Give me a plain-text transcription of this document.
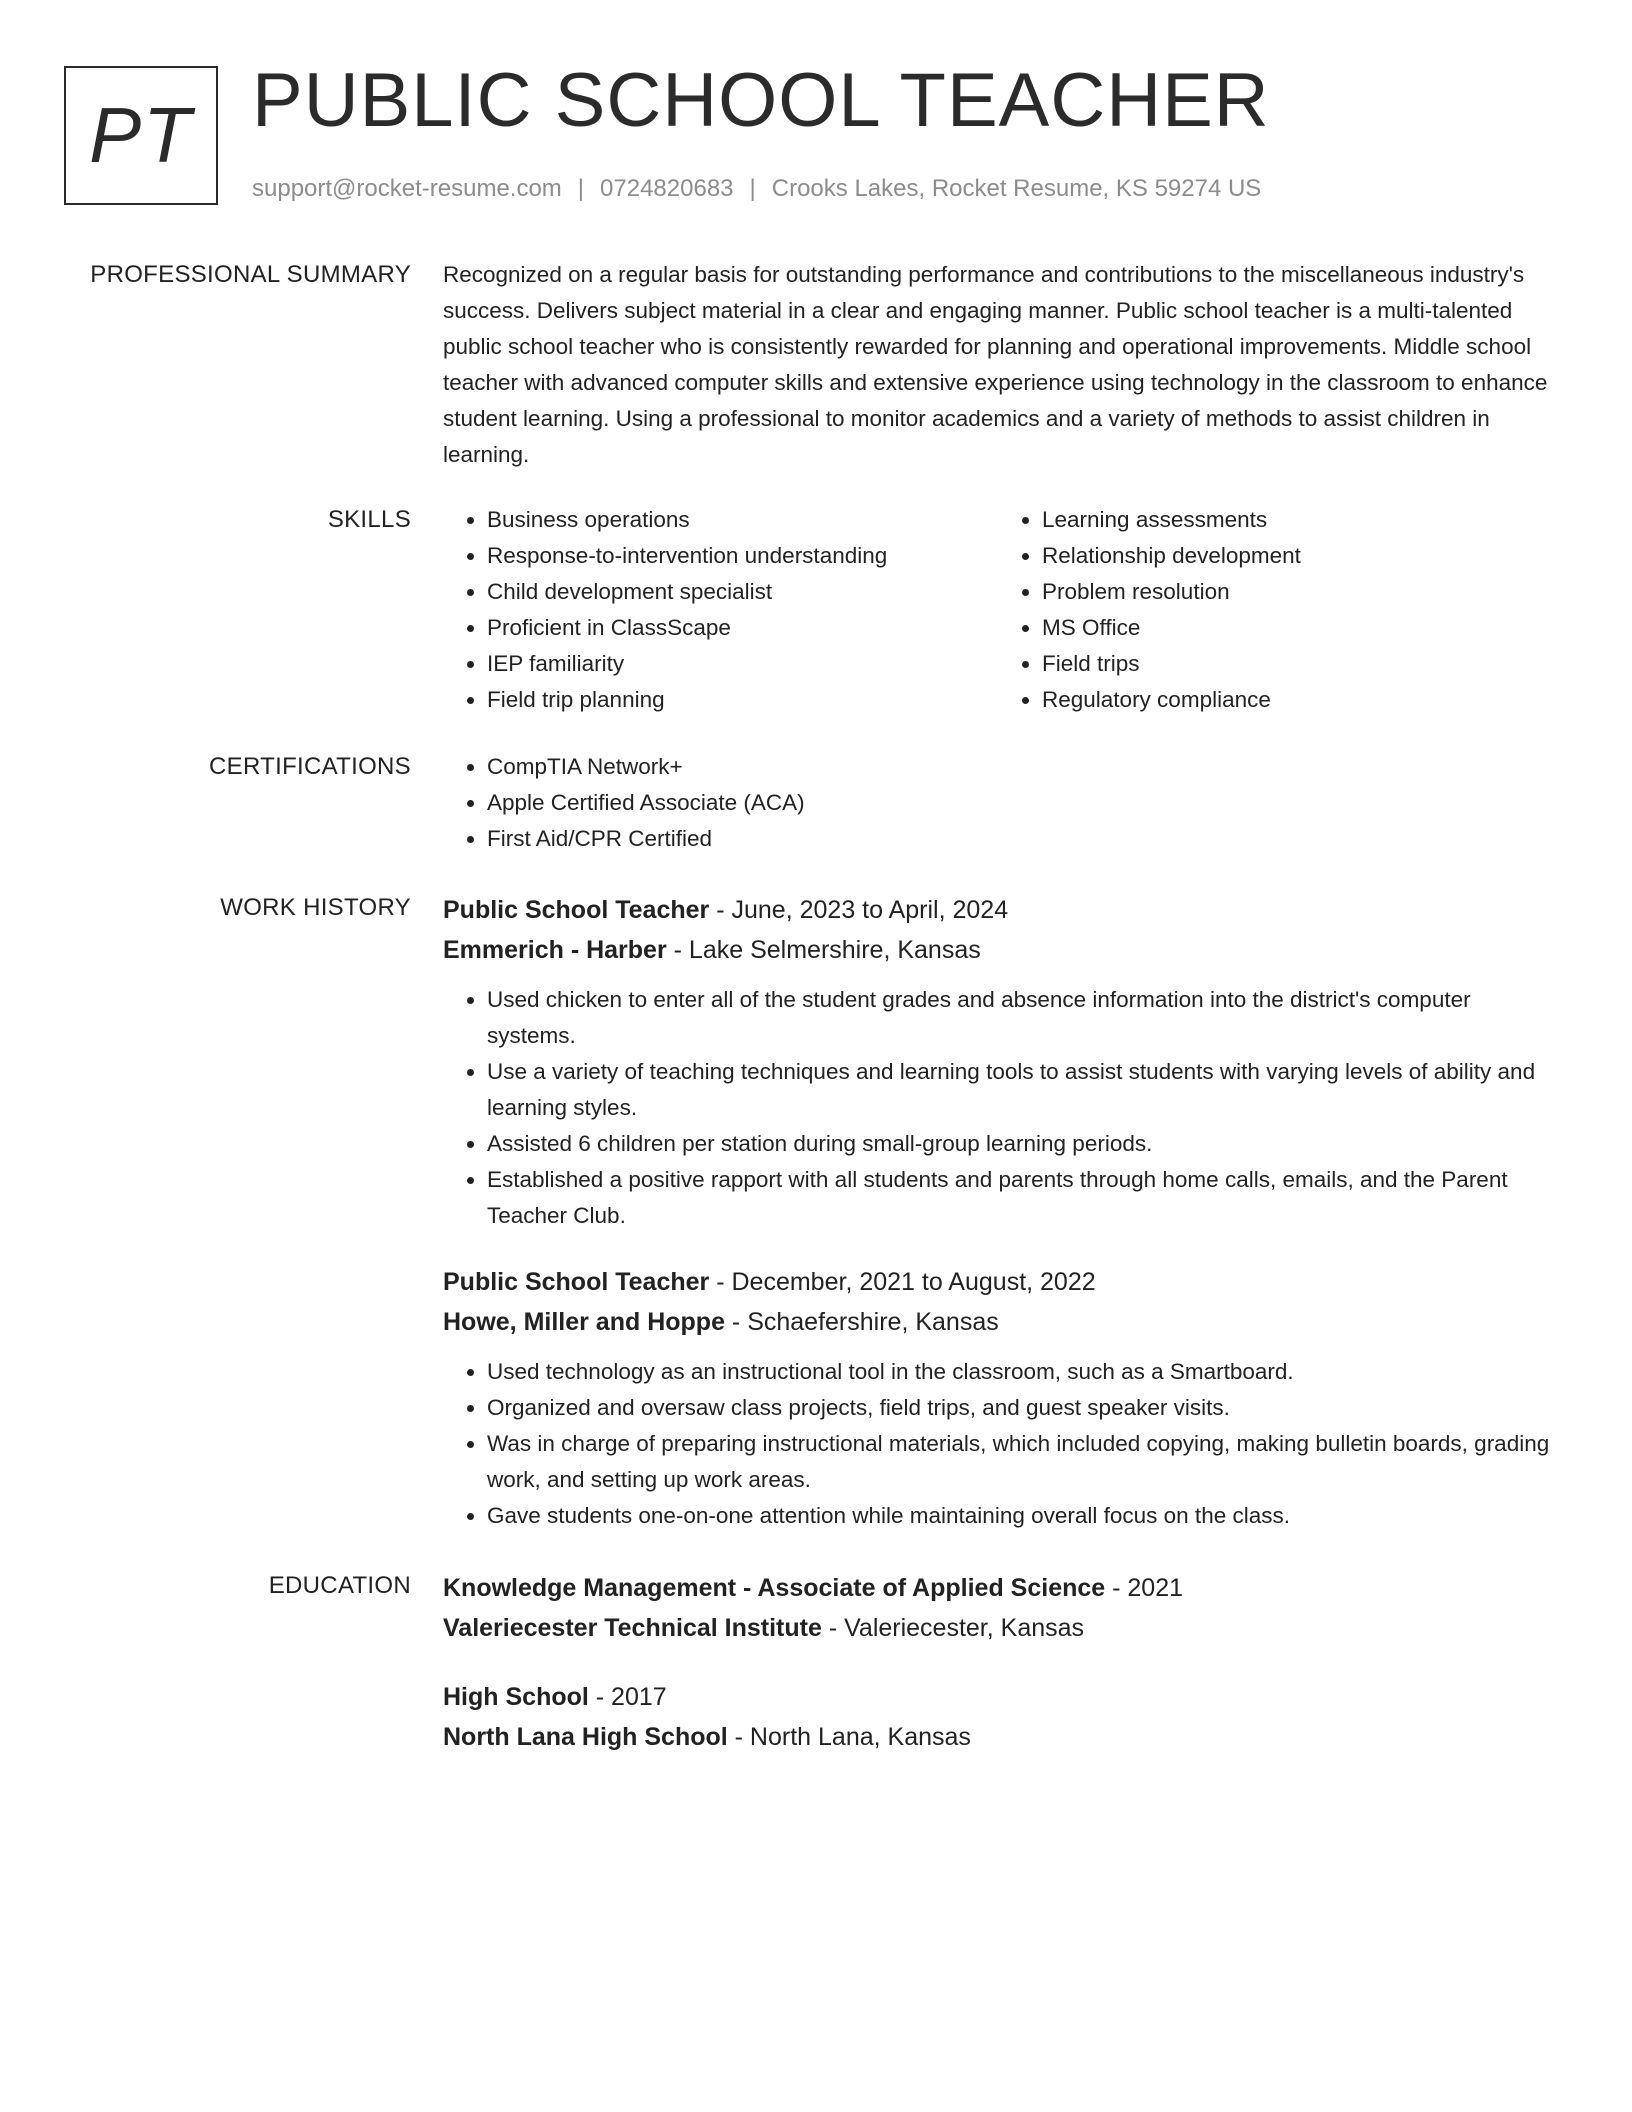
PT PUBLIC SCHOOL TEACHER
support@rocket-resume.com | 0724820683 | Crooks Lakes, Rocket Resume, KS 59274 US
PROFESSIONAL SUMMARY Recognized on a regular basis for outstanding performance and contributions to the miscellaneous industry's success. Delivers subject material in a clear and engaging manner. Public school teacher is a multi-talented public school teacher who is consistently rewarded for planning and operational improvements. Middle school teacher with advanced computer skills and extensive experience using technology in the classroom to enhance student learning. Using a professional to monitor academics and a variety of methods to assist children in learning.

SKILLS	• Business operations
• Response-to-intervention understanding
• Child development specialist
• Proficient in ClassScape
• IEP familiarity
• Field trip planning
• Learning assessments
• Relationship development
• Problem resolution
• MS Office
• Field trips
• Regulatory compliance
CERTIFICATIONS	• CompTIA Network+
• Apple Certified Associate (ACA)
• First Aid/CPR Certified
WORK HISTORY Public School Teacher - June, 2023 to April, 2024
Emmerich - Harber - Lake Selmershire, Kansas
• Used chicken to enter all of the student grades and absence information into the district's computer systems.
• Use a variety of teaching techniques and learning tools to assist students with varying levels of ability and learning styles.
• Assisted 6 children per station during small-group learning periods.
• Established a positive rapport with all students and parents through home calls, emails, and the Parent Teacher Club.
Public School Teacher - December, 2021 to August, 2022
Howe, Miller and Hoppe - Schaefershire, Kansas
• Used technology as an instructional tool in the classroom, such as a Smartboard.
• Organized and oversaw class projects, field trips, and guest speaker visits.
• Was in charge of preparing instructional materials, which included copying, making bulletin boards, grading work, and setting up work areas.
• Gave students one-on-one attention while maintaining overall focus on the class.
EDUCATION Knowledge Management - Associate of Applied Science - 2021
Valeriecester Technical Institute - Valeriecester, Kansas
High School - 2017
North Lana High School - North Lana, Kansas
